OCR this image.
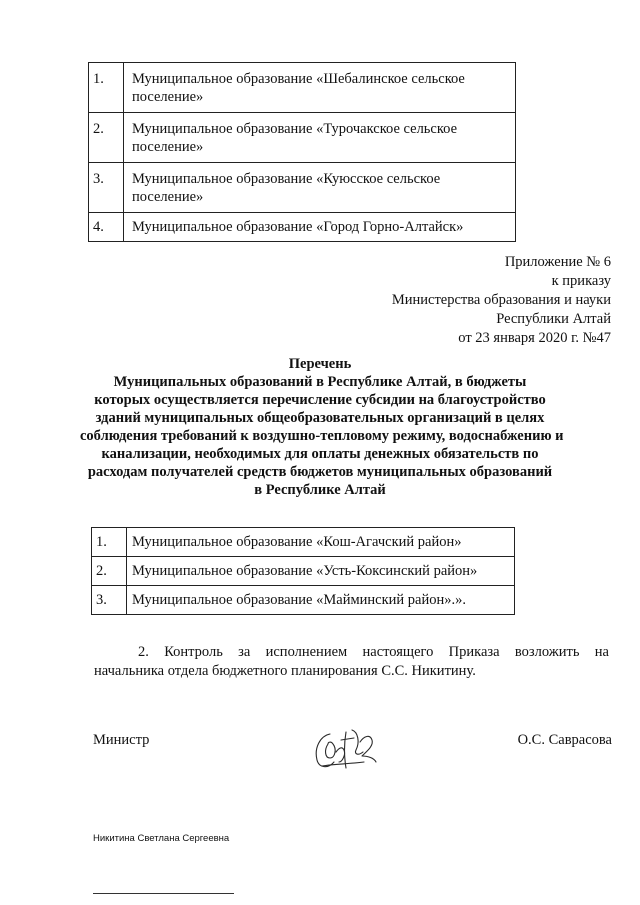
1.	Муниципальное образование «Шебалинское сельское поселение»
2.	Муниципальное образование «Турочакское сельское поселение»
3.	Муниципальное образование «Куюсское сельское поселение»
4.	Муниципальное образование «Город Горно-Алтайск»
Приложение № 6
к приказу
Министерства образования и науки
Республики Алтай
от 23 января 2020 г. №47
Перечень
Муниципальных образований в Республике Алтай, в бюджеты
которых осуществляется перечисление субсидии на благоустройство
зданий муниципальных общеобразовательных организаций в целях
соблюдения требований к воздушно-тепловому режиму, водоснабжению и
канализации, необходимых для оплаты денежных обязательств по
расходам получателей средств бюджетов муниципальных образований
в Республике Алтай
1.	Муниципальное образование «Кош-Агачский район»
2.	Муниципальное образование «Усть-Коксинский район»
3.	Муниципальное образование «Майминский район».».
2. Контроль за исполнением настоящего Приказа возложить на
начальника отдела бюджетного планирования С.С. Никитину.
Министр	О.С. Саврасова
Никитина Светлана Сергеевна
